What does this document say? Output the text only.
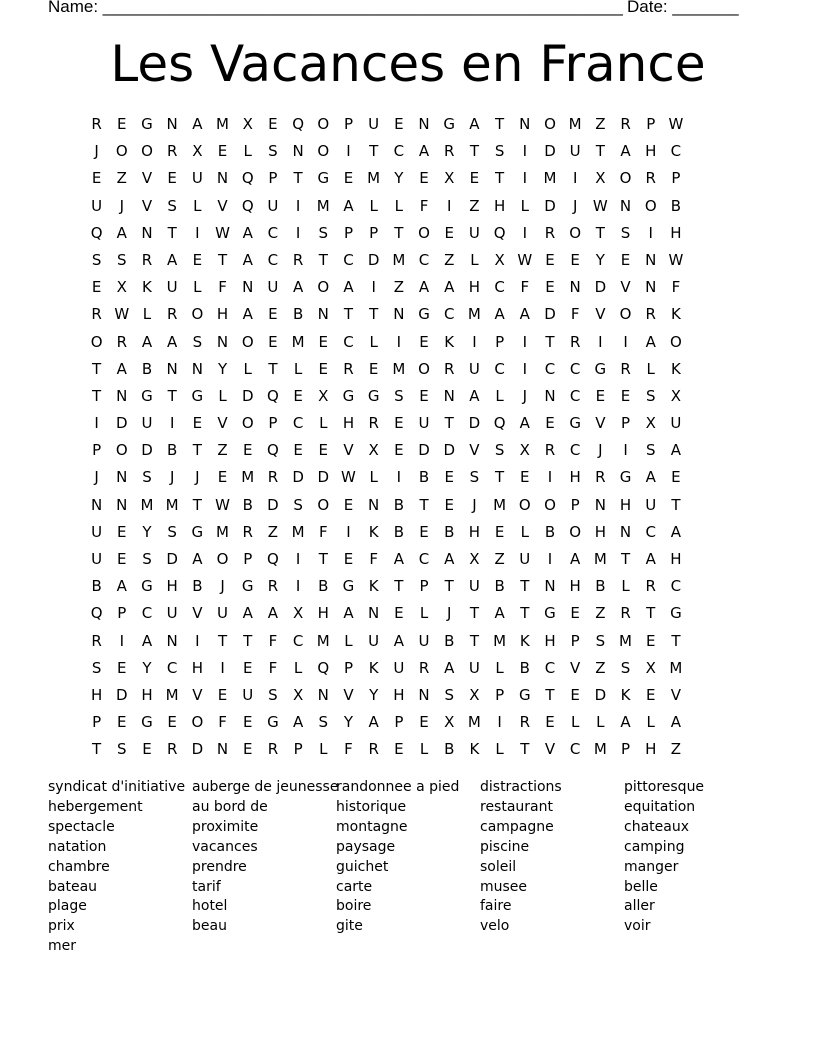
Name: _______________________________________________________ Date: _______
Les Vacances en France
R	E G N A M X	E Q O P	U E N G A	T N O M Z R	P W
J	O O R X	E	L	S N O	I	T	C A R	T	S	I	D U	T	A H C
E	Z V	E U N Q P	T G E M Y	E	X	E	T	I	M	I	X O R	P
U	J	V	S	L	V Q U	I	M A	L	L	F	I	Z H	L	D	J	W N O B
Q A N T	I	W A C	I	S	P	P	T O E U Q	I	R O T	S	I	H
S	S	R A	E	T	A C R	T	C D M C Z	L	X W E	E	Y	E N W
E	X	K U	L	F	N U A O A	I	Z A A H C	F	E N D V N	F
R W L	R O H A	E	B N T	T N G C M A A D	F	V O R	K
O R A A	S N O E M E	C	L	I	E	K	I	P	I	T	R	I	I	A O
T	A B N N Y	L	T	L	E	R	E M O R U C	I	C C G R	L	K
T N G T G	L	D Q E	X G G S	E N A	L	J	N C	E	E	S	X
I	D U	I	E	V O P	C	L	H R	E U	T D Q A	E G V	P	X U
P O D B	T	Z	E Q E	E	V X	E D D V	S	X R C	J	I	S	A
J	N S	J	J	E M R D D W L	I	B	E	S	T	E	I	H R G A	E
N N M M T W B D S O E N B	T	E	J	M O O P	N H U	T
U E	Y	S G M R Z M F	I	K	B	E	B H E	L	B O H N C A
U E	S D A O P Q	I	T	E	F	A C A X Z U	I	A M T	A H
B A G H B	J	G R	I	B G K	T	P	T	U B	T N H B	L	R C
Q P	C U V U A A X H A N E	L	J	T	A	T G E	Z R	T G
R	I	A N	I	T	T	F	C M L	U A U B	T M K H	P	S M E	T
S	E	Y	C H	I	E	F	L	Q P	K U R A U	L	B C V Z	S	X M
H D H M V	E U S	X N V	Y H N S	X	P G T	E D K	E	V
P	E G E O F	E G A	S	Y	A	P	E	X M	I	R	E	L	L	A	L	A
T	S	E	R D N E	R	P	L	F	R	E	L	B	K	L	T	V C M P	H Z
syndicat d'initiative
hebergement
spectacle
natation
chambre
bateau
plage
prix
mer
auberge de jeunesse
au bord de
proximite
vacances
prendre
tarif
hotel
beau
randonnee a pied
historique
montagne
paysage
guichet
carte
boire
gite
distractions
restaurant
campagne
piscine
soleil
musee
faire
velo
pittoresque
equitation
chateaux
camping
manger
belle
aller
voir
